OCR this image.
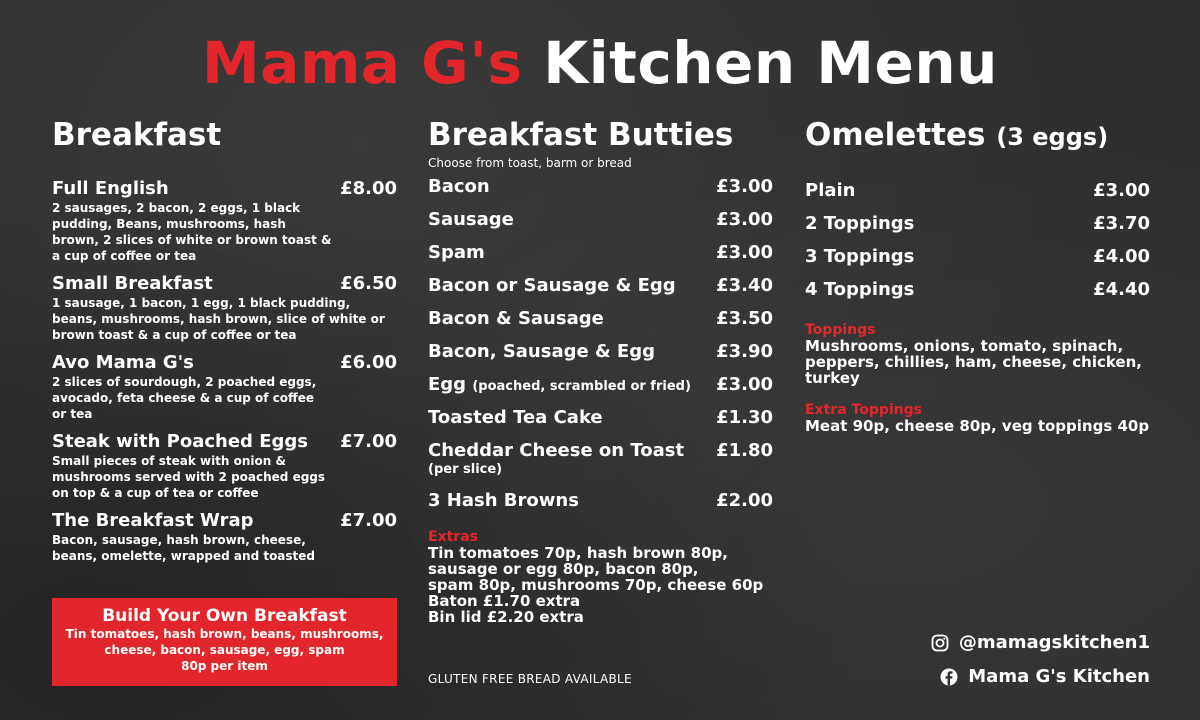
Mama G's Kitchen Menu
Breakfast
Full English	£8.00
2 sausages, 2 bacon, 2 eggs, 1 black pudding, Beans, mushrooms, hash brown, 2 slices of white or brown toast & a cup of coffee or tea
Small Breakfast	£6.50
1 sausage, 1 bacon, 1 egg, 1 black pudding, beans, mushrooms, hash brown, slice of white or brown toast & a cup of coffee or tea
Avo Mama G's	£6.00
2 slices of sourdough, 2 poached eggs, avocado, feta cheese & a cup of coffee or tea
Steak with Poached Eggs £7.00
Small pieces of steak with onion & mushrooms served with 2 poached eggs on top & a cup of tea or coffee
The Breakfast Wrap	£7.00
Bacon, sausage, hash brown, cheese, beans, omelette, wrapped and toasted
Build Your Own Breakfast
Tin tomatoes, hash brown, beans, mushrooms, cheese, bacon, sausage, egg, spam
80p per item
Breakfast Butties
Choose from toast, barm or bread
Bacon	£3.00
Sausage	£3.00
Spam	£3.00
Bacon or Sausage & Egg £3.40
Bacon & Sausage	£3.50
Bacon, Sausage & Egg	£3.90
Egg (poached, scrambled or fried) £3.00
Toasted Tea Cake	£1.30
Cheddar Cheese on Toast £1.80
(per slice)
3 Hash Browns	£2.00
Extras
Tin tomatoes 70p, hash brown 80p,
sausage or egg 80p, bacon 80p,
spam 80p, mushrooms 70p, cheese 60p
Baton £1.70 extra
Bin lid £2.20 extra
GLUTEN FREE BREAD AVAILABLE
Omelettes (3 eggs)
Plain	£3.00
2 Toppings	£3.70
3 Toppings	£4.00
4 Toppings	£4.40
Toppings
Mushrooms, onions, tomato, spinach, peppers, chillies, ham, cheese, chicken, turkey
Extra Toppings
Meat 90p, cheese 80p, veg toppings 40p
@mamagskitchen1
Mama G's Kitchen
